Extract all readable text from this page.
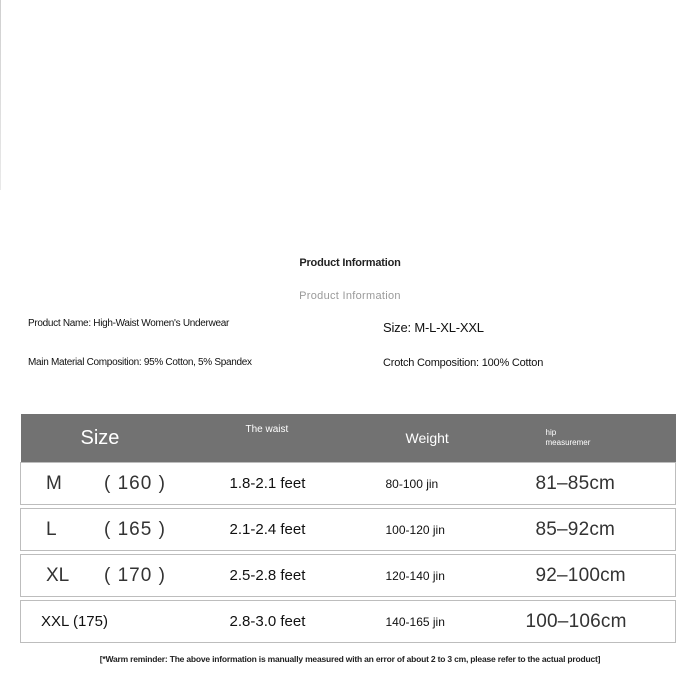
Product Information
Product Information
Product Name: High-Waist Women's Underwear	Size: M-L-XL-XXL
Main Material Composition: 95% Cotton, 5% Spandex	Crotch Composition: 100% Cotton
Size	The waist	Weight	hip
measuremer

M ( 160 )	1.8-2.1 feet	80-100 jin	81–85cm

L ( 165 )	2.1-2.4 feet	100-120 jin	85–92cm

XL ( 170 )	2.5-2.8 feet	120-140 jin	92–100cm

XXL (175)	2.8-3.0 feet	140-165 jin	100–106cm
[*Warm reminder: The above information is manually measured with an error of about 2 to 3 cm, please refer to the actual product]
